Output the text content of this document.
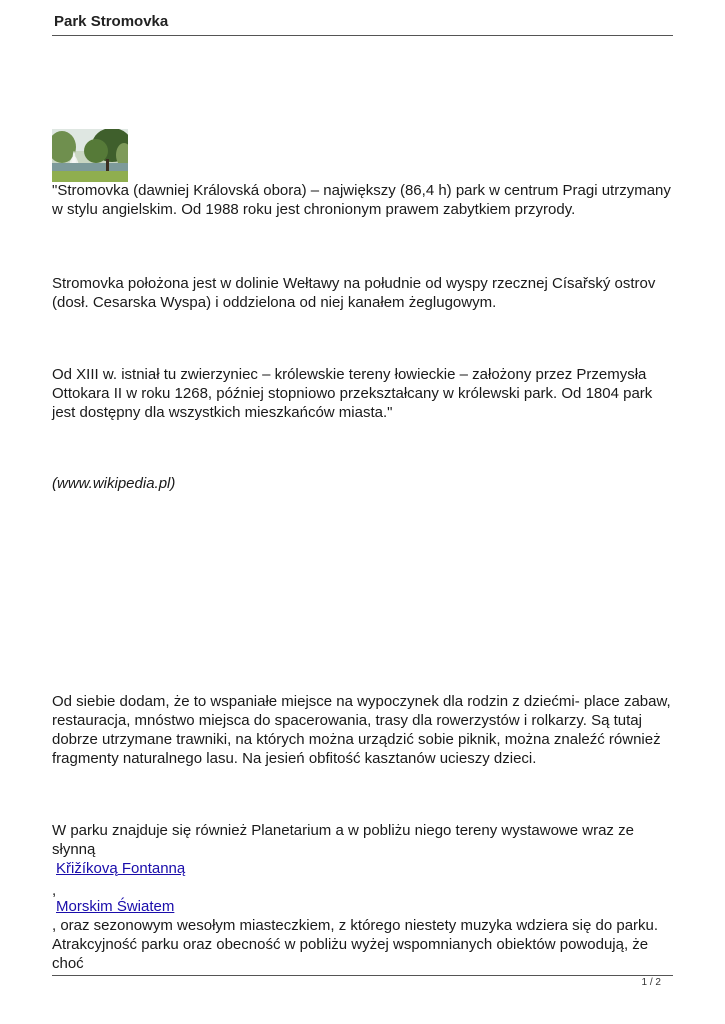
Park Stromovka

"Stromovka (dawniej Královská obora) – największy (86,4 h) park w centrum Pragi utrzymany w stylu angielskim. Od 1988 roku jest chronionym prawem zabytkiem przyrody.

Stromovka położona jest w dolinie Wełtawy na południe od wyspy rzecznej Císařský ostrov (dosł. Cesarska Wyspa) i oddzielona od niej kanałem żeglugowym.

Od XIII w. istniał tu zwierzyniec – królewskie tereny łowieckie – założony przez Przemysła Ottokara II w roku 1268, później stopniowo przekształcany w królewski park. Od 1804 park jest dostępny dla wszystkich mieszkańców miasta."

(www.wikipedia.pl)

Od siebie dodam, że to wspaniałe miejsce na wypoczynek dla rodzin z dziećmi- place zabaw, restauracja, mnóstwo miejsca do spacerowania, trasy dla rowerzystów i rolkarzy. Są tutaj dobrze utrzymane trawniki, na których można urządzić sobie piknik, można znaleźć również fragmenty naturalnego lasu. Na jesień obfitość kasztanów ucieszy dzieci.

W parku znajduje się również Planetarium a w pobliżu niego tereny wystawowe wraz ze słynną
Křižíkovą Fontanną
,
Morskim Światem
, oraz sezonowym wesołym miasteczkiem, z którego niestety muzyka wdziera się do parku. Atrakcyjność parku oraz obecność w pobliżu wyżej wspomnianych obiektów powodują, że choć
1 / 2
